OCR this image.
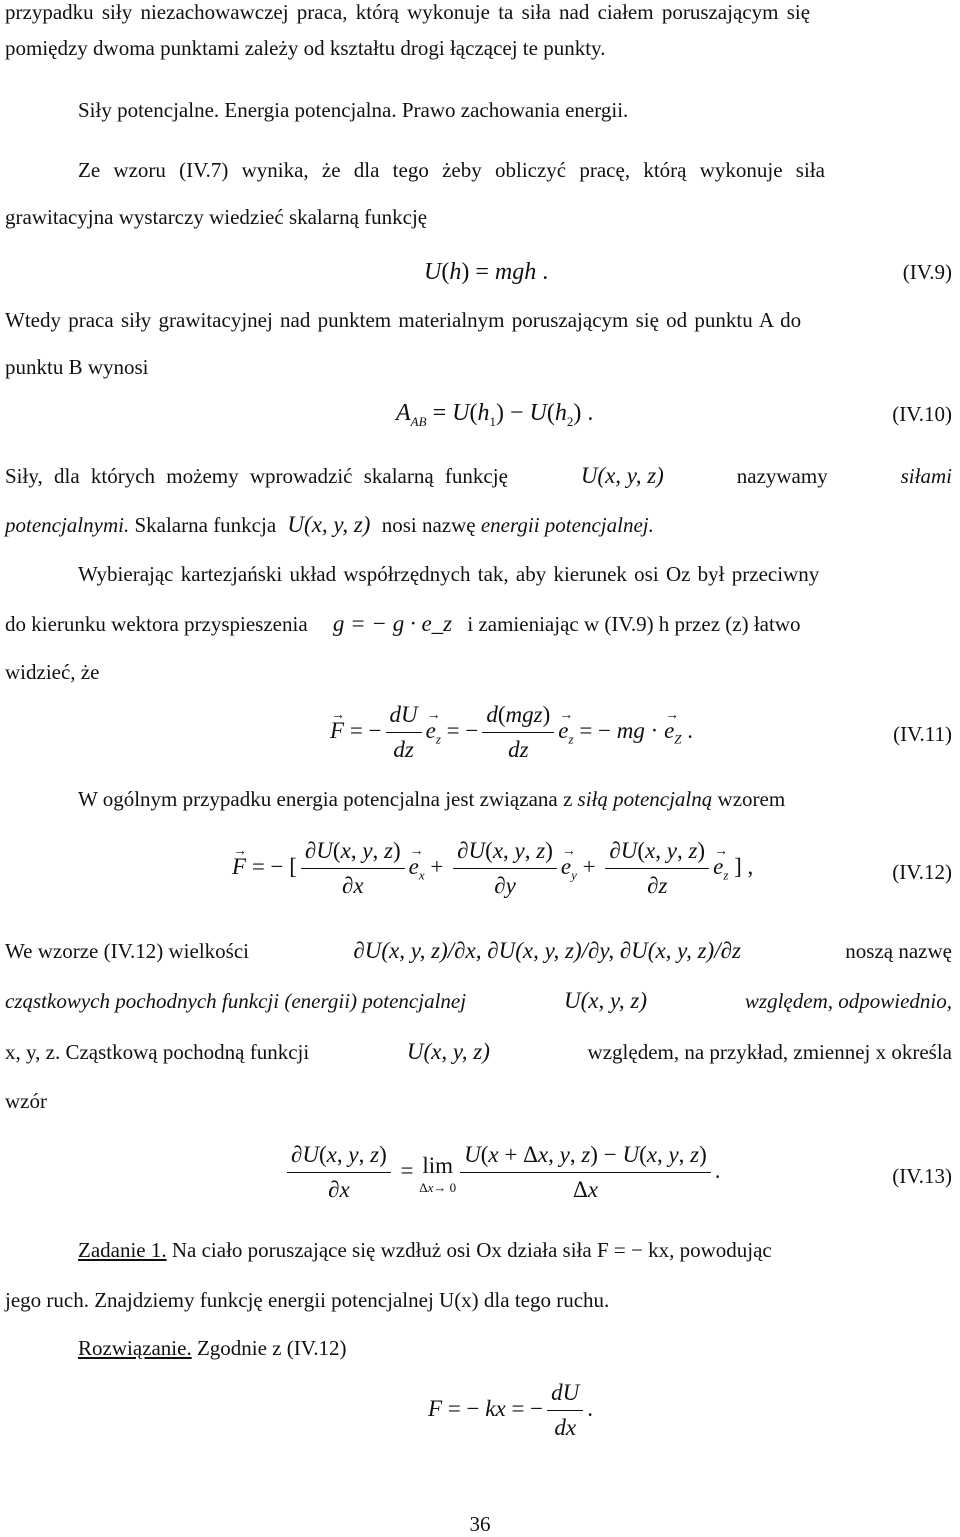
przypadku siły niezachowawczej praca, którą wykonuje ta siła nad ciałem poruszającym się
pomiędzy dwoma punktami zależy od kształtu drogi łączącej te punkty.
Siły potencjalne. Energia potencjalna. Prawo zachowania energii.
Ze wzoru (IV.7) wynika, że dla tego żeby obliczyć pracę, którą wykonuje siła
grawitacyjna wystarczy wiedzieć skalarną funkcję
U(h) = mgh .	(IV.9)
Wtedy praca siły grawitacyjnej nad punktem materialnym poruszającym się od punktu A do
punktu B wynosi
$A_{AB} = U(h_1) - U(h_2)$ .	(IV.10)
Siły, dla których możemy wprowadzić skalarną funkcję	U(x, y, z)	nazywamy	siłami
potencjalnymi. Skalarna funkcja U(x, y, z) nosi nazwę energii potencjalnej.
Wybierając kartezjański układ współrzędnych tak, aby kierunek osi Oz był przeciwny
do kierunku wektora przyspieszenia g = − g · e_z i zamieniając w (IV.9) h przez (z) łatwo
widzieć, że
→ F = − $\frac{dU}{dz}$
→ $e_z$ = − $\frac{\text{d(mgz)}}{dz}$
→ $e_z$ = − mg · → $e_Z$ .	(IV.11)
W ogólnym przypadku energia potencjalna jest związana z siłą potencjalną wzorem
→ F = − [ $\frac{\partial U(x, y, z)}{\partial x}$
→ $e_x + \frac{\partial U(x, y, z)}{\partial y}$
→ $e_y + \frac{\partial U(x, y, z)}{\partial z}$
→ $e_z$ ] ,	(IV.12)
We wzorze (IV.12) wielkości	∂U(x, y, z)/∂x, ∂U(x, y, z)/∂y, ∂U(x, y, z)/∂z	noszą nazwę
cząstkowych pochodnych funkcji (energii) potencjalnej	U(x, y, z)	względem, odpowiednio,
x, y, z. Cząstkową pochodną funkcji	U(x, y, z)	względem, na przykład, zmiennej x określa
wzór
$\frac{\partial U(x, y, z)}{\partial x} = \lim$
$\Delta x\to 0 \frac{U(x + \Delta x, y, z) - U(x, y, z)}{\Delta x}$ .	(IV.13)
Zadanie 1. Na ciało poruszające się wzdłuż osi Ox działa siła F = − kx, powodując
jego ruch. Znajdziemy funkcję energii potencjalnej U(x) dla tego ruchu.
Rozwiązanie. Zgodnie z (IV.12)
F = − kx = − $\frac{dU}{dx}$ .
36
